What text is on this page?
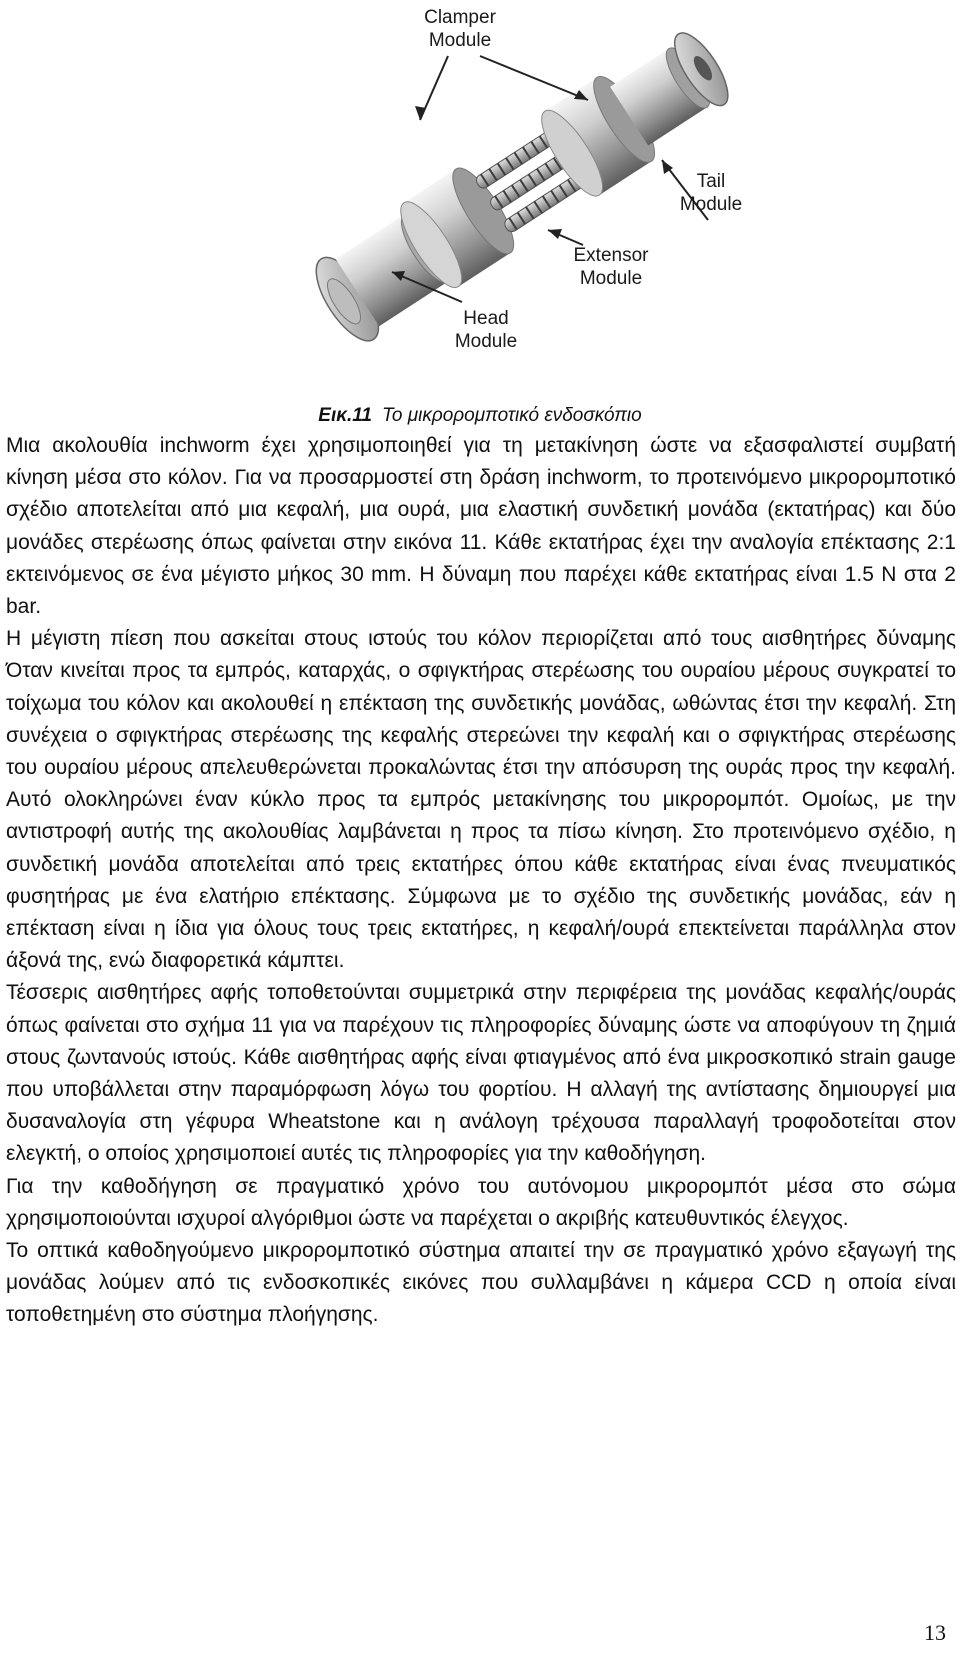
Clamper
Module
Tail
Module
Extensor
Module
Head
Module
Εικ.11 Το μικρορομποτικό ενδοσκόπιο

Μια ακολουθία inchworm έχει χρησιμοποιηθεί για τη μετακίνηση ώστε να εξασφαλιστεί συμβατή κίνηση μέσα στο κόλον. Για να προσαρμοστεί στη δράση inchworm, το προτεινόμενο μικρορομποτικό σχέδιο αποτελείται από μια κεφαλή, μια ουρά, μια ελαστική συνδετική μονάδα (εκτατήρας) και δύο μονάδες στερέωσης όπως φαίνεται στην εικόνα 11. Κάθε εκτατήρας έχει την αναλογία επέκτασης 2:1 εκτεινόμενος σε ένα μέγιστο μήκος 30 mm. Η δύναμη που παρέχει κάθε εκτατήρας είναι 1.5 N στα 2 bar.

Η μέγιστη πίεση που ασκείται στους ιστούς του κόλον περιορίζεται από τους αισθητήρες δύναμης Όταν κινείται προς τα εμπρός, καταρχάς, ο σφιγκτήρας στερέωσης του ουραίου μέρους συγκρατεί το τοίχωμα του κόλον και ακολουθεί η επέκταση της συνδετικής μονάδας, ωθώντας έτσι την κεφαλή. Στη συνέχεια ο σφιγκτήρας στερέωσης της κεφαλής στερεώνει την κεφαλή και ο σφιγκτήρας στερέωσης του ουραίου μέρους απελευθερώνεται προκαλώντας έτσι την απόσυρση της ουράς προς την κεφαλή. Αυτό ολοκληρώνει έναν κύκλο προς τα εμπρός μετακίνησης του μικρορομπότ. Ομοίως, με την αντιστροφή αυτής της ακολουθίας λαμβάνεται η προς τα πίσω κίνηση. Στο προτεινόμενο σχέδιο, η συνδετική μονάδα αποτελείται από τρεις εκτατήρες όπου κάθε εκτατήρας είναι ένας πνευματικός φυσητήρας με ένα ελατήριο επέκτασης. Σύμφωνα με το σχέδιο της συνδετικής μονάδας, εάν η επέκταση είναι η ίδια για όλους τους τρεις εκτατήρες, η κεφαλή/ουρά επεκτείνεται παράλληλα στον άξονά της, ενώ διαφορετικά κάμπτει.

Τέσσερις αισθητήρες αφής τοποθετούνται συμμετρικά στην περιφέρεια της μονάδας κεφαλής/ουράς όπως φαίνεται στο σχήμα 11 για να παρέχουν τις πληροφορίες δύναμης ώστε να αποφύγουν τη ζημιά στους ζωντανούς ιστούς. Κάθε αισθητήρας αφής είναι φτιαγμένος από ένα μικροσκοπικό strain gauge που υποβάλλεται στην παραμόρφωση λόγω του φορτίου. Η αλλαγή της αντίστασης δημιουργεί μια δυσαναλογία στη γέφυρα Wheatstone και η ανάλογη τρέχουσα παραλλαγή τροφοδοτείται στον ελεγκτή, ο οποίος χρησιμοποιεί αυτές τις πληροφορίες για την καθοδήγηση.

Για την καθοδήγηση σε πραγματικό χρόνο του αυτόνομου μικρορομπότ μέσα στο σώμα χρησιμοποιούνται ισχυροί αλγόριθμοι ώστε να παρέχεται ο ακριβής κατευθυντικός έλεγχος.

Το οπτικά καθοδηγούμενο μικρορομποτικό σύστημα απαιτεί την σε πραγματικό χρόνο εξαγωγή της μονάδας λούμεν από τις ενδοσκοπικές εικόνες που συλλαμβάνει η κάμερα CCD η οποία είναι τοποθετημένη στο σύστημα πλοήγησης.

13
